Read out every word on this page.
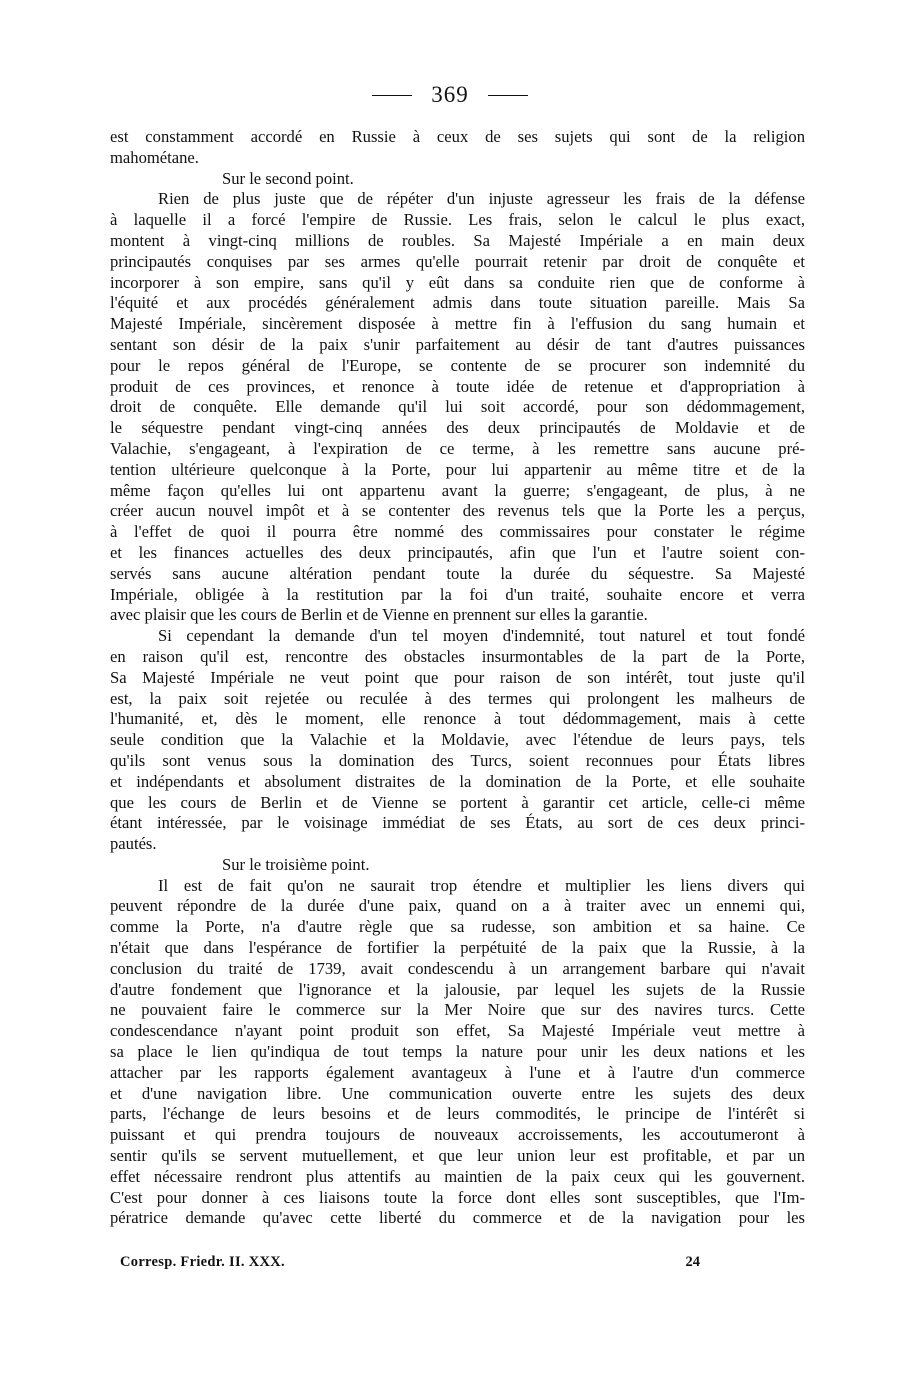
369
est constamment accordé en Russie à ceux de ses sujets qui sont de la religion
mahométane.
Sur le second point.
Rien de plus juste que de répéter d'un injuste agresseur les frais de la défense
à laquelle il a forcé l'empire de Russie. Les frais, selon le calcul le plus exact,
montent à vingt-cinq millions de roubles. Sa Majesté Impériale a en main deux
principautés conquises par ses armes qu'elle pourrait retenir par droit de conquête et
incorporer à son empire, sans qu'il y eût dans sa conduite rien que de conforme à
l'équité et aux procédés généralement admis dans toute situation pareille. Mais Sa
Majesté Impériale, sincèrement disposée à mettre fin à l'effusion du sang humain et
sentant son désir de la paix s'unir parfaitement au désir de tant d'autres puissances
pour le repos général de l'Europe, se contente de se procurer son indemnité du
produit de ces provinces, et renonce à toute idée de retenue et d'appropriation à
droit de conquête. Elle demande qu'il lui soit accordé, pour son dédommagement,
le séquestre pendant vingt-cinq années des deux principautés de Moldavie et de
Valachie, s'engageant, à l'expiration de ce terme, à les remettre sans aucune pré-
tention ultérieure quelconque à la Porte, pour lui appartenir au même titre et de la
même façon qu'elles lui ont appartenu avant la guerre; s'engageant, de plus, à ne
créer aucun nouvel impôt et à se contenter des revenus tels que la Porte les a perçus,
à l'effet de quoi il pourra être nommé des commissaires pour constater le régime
et les finances actuelles des deux principautés, afin que l'un et l'autre soient con-
servés sans aucune altération pendant toute la durée du séquestre. Sa Majesté
Impériale, obligée à la restitution par la foi d'un traité, souhaite encore et verra
avec plaisir que les cours de Berlin et de Vienne en prennent sur elles la garantie.
Si cependant la demande d'un tel moyen d'indemnité, tout naturel et tout fondé
en raison qu'il est, rencontre des obstacles insurmontables de la part de la Porte,
Sa Majesté Impériale ne veut point que pour raison de son intérêt, tout juste qu'il
est, la paix soit rejetée ou reculée à des termes qui prolongent les malheurs de
l'humanité, et, dès le moment, elle renonce à tout dédommagement, mais à cette
seule condition que la Valachie et la Moldavie, avec l'étendue de leurs pays, tels
qu'ils sont venus sous la domination des Turcs, soient reconnues pour États libres
et indépendants et absolument distraites de la domination de la Porte, et elle souhaite
que les cours de Berlin et de Vienne se portent à garantir cet article, celle-ci même
étant intéressée, par le voisinage immédiat de ses États, au sort de ces deux princi-
pautés.
Sur le troisième point.
Il est de fait qu'on ne saurait trop étendre et multiplier les liens divers qui
peuvent répondre de la durée d'une paix, quand on a à traiter avec un ennemi qui,
comme la Porte, n'a d'autre règle que sa rudesse, son ambition et sa haine. Ce
n'était que dans l'espérance de fortifier la perpétuité de la paix que la Russie, à la
conclusion du traité de 1739, avait condescendu à un arrangement barbare qui n'avait
d'autre fondement que l'ignorance et la jalousie, par lequel les sujets de la Russie
ne pouvaient faire le commerce sur la Mer Noire que sur des navires turcs. Cette
condescendance n'ayant point produit son effet, Sa Majesté Impériale veut mettre à
sa place le lien qu'indiqua de tout temps la nature pour unir les deux nations et les
attacher par les rapports également avantageux à l'une et à l'autre d'un commerce
et d'une navigation libre. Une communication ouverte entre les sujets des deux
parts, l'échange de leurs besoins et de leurs commodités, le principe de l'intérêt si
puissant et qui prendra toujours de nouveaux accroissements, les accoutumeront à
sentir qu'ils se servent mutuellement, et que leur union leur est profitable, et par un
effet nécessaire rendront plus attentifs au maintien de la paix ceux qui les gouvernent.
C'est pour donner à ces liaisons toute la force dont elles sont susceptibles, que l'Im-
pératrice demande qu'avec cette liberté du commerce et de la navigation pour les
Corresp. Friedr. II. XXX.	24
